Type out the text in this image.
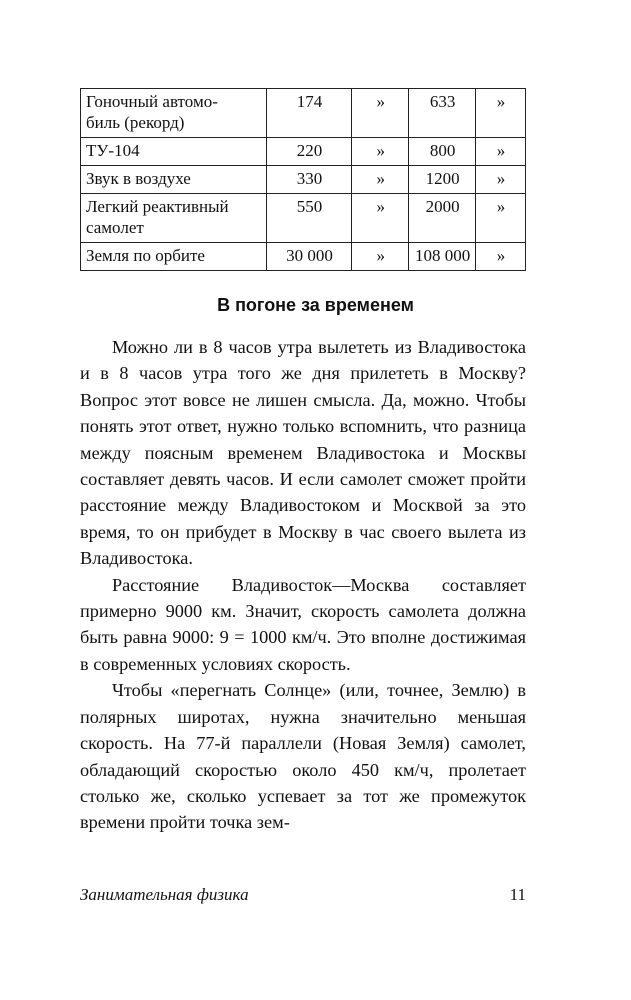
Гоночный автомо-
биль (рекорд)	174	»	633	»
ТУ-104	220	»	800	»
Звук в воздухе	330	»	1200	»
Легкий реактивный
самолет	550	»	2000	»
Земля по орбите	30 000	»	108 000	»
В погоне за временем

Можно ли в 8 часов утра вылететь из Владивостока и в 8 часов утра того же дня прилететь в Москву? Вопрос этот вовсе не лишен смысла. Да, можно. Чтобы понять этот ответ, нужно только вспомнить, что разница между поясным временем Владивостока и Москвы составляет девять часов. И если самолет сможет пройти расстояние между Владивостоком и Москвой за это время, то он прибудет в Москву в час своего вылета из Владивостока.

Расстояние Владивосток—Москва составляет примерно 9000 км. Значит, скорость самолета должна быть равна 9000: 9 = 1000 км/ч. Это вполне достижимая в современных условиях скорость.

Чтобы «перегнать Солнце» (или, точнее, Землю) в полярных широтах, нужна значительно меньшая скорость. На 77-й параллели (Новая Земля) самолет, обладающий скоростью около 450 км/ч, пролетает столько же, сколько успевает за тот же промежуток времени пройти точка зем-

Занимательная физика	11
